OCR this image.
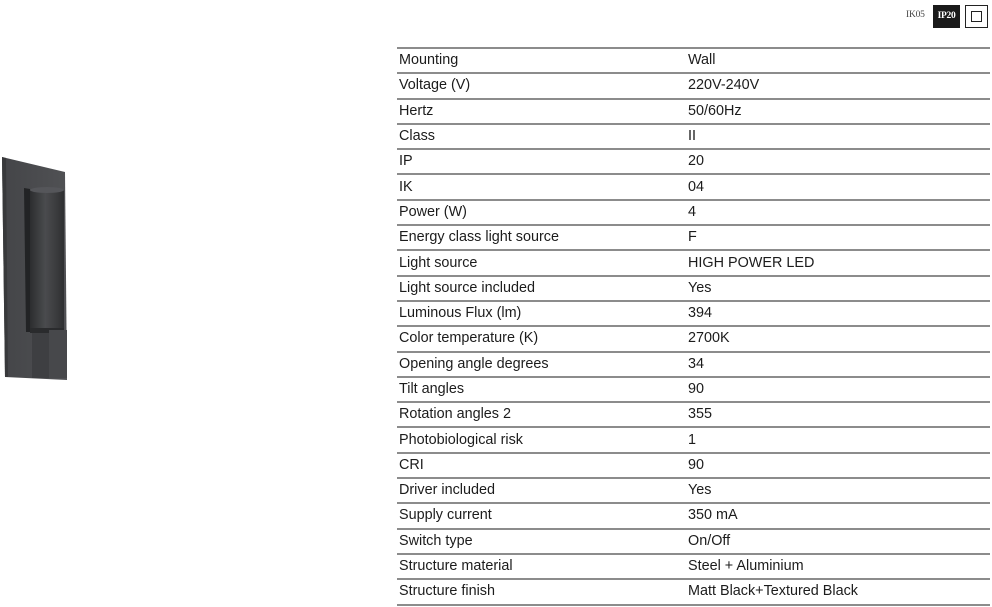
IK05	IP20
Mounting	Wall
Voltage (V)	220V-240V
Hertz	50/60Hz
Class	II
IP	20
IK	04
Power (W)	4
Energy class light source	F
Light source	HIGH POWER LED
Light source included	Yes
Luminous Flux (lm)	394
Color temperature (K)	2700K
Opening angle degrees	34
Tilt angles	90
Rotation angles 2	355
Photobiological risk	1
CRI	90
Driver included	Yes
Supply current	350 mA
Switch type	On/Off
Structure material	Steel + Aluminium
Structure finish	Matt Black+Textured Black
